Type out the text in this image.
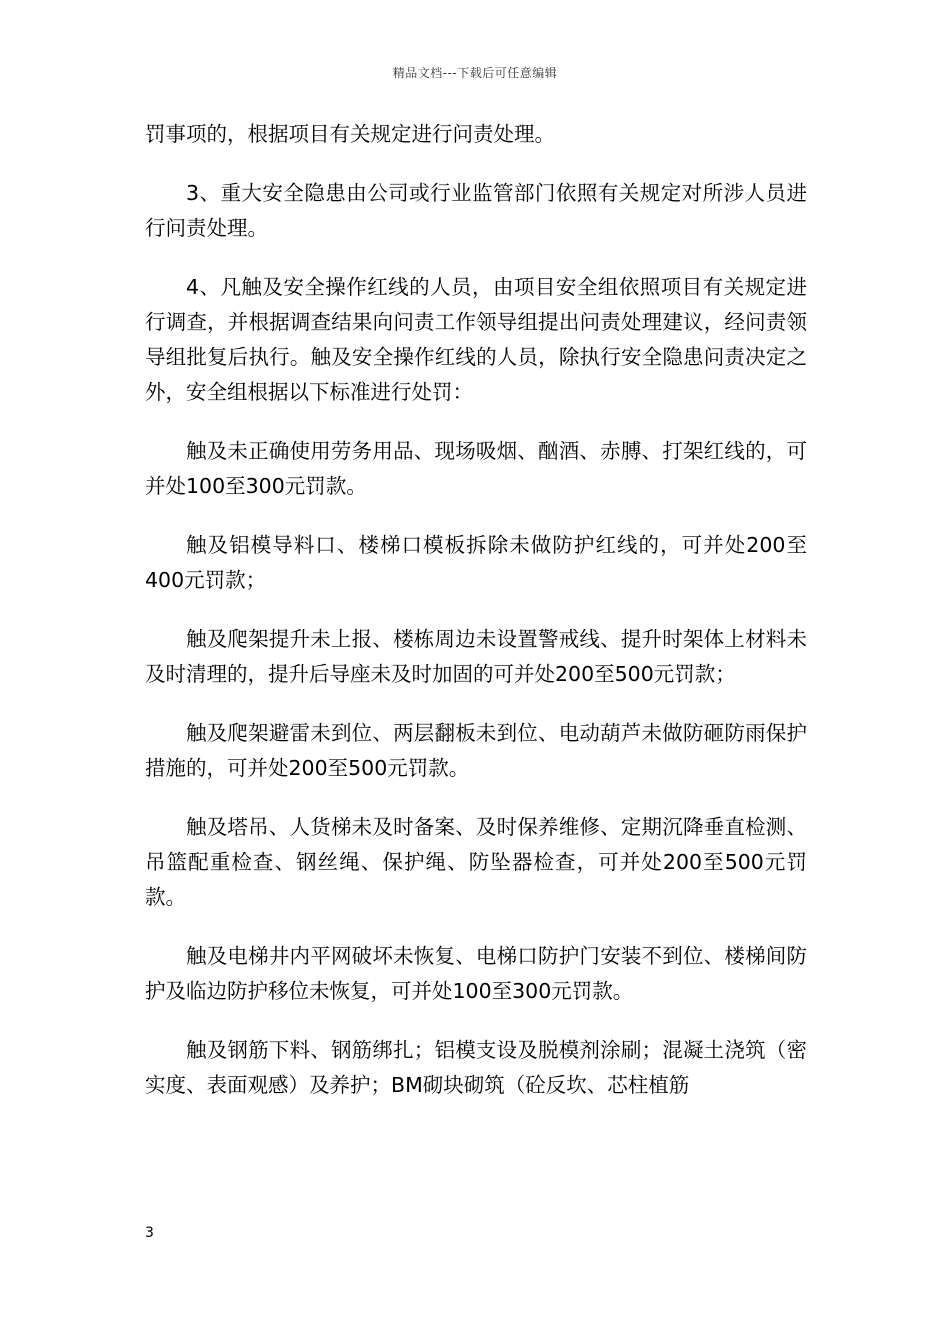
精品文档---下载后可任意编辑

罚事项的，根据项目有关规定进行问责处理。

3、重大安全隐患由公司或行业监管部门依照有关规定对所涉人员进行问责处理。

4、凡触及安全操作红线的人员，由项目安全组依照项目有关规定进行调查，并根据调查结果向问责工作领导组提出问责处理建议，经问责领导组批复后执行。触及安全操作红线的人员，除执行安全隐患问责决定之外，安全组根据以下标准进行处罚：

触及未正确使用劳务用品、现场吸烟、酗酒、赤膊、打架红线的，可并处100至300元罚款。

触及铝模导料口、楼梯口模板拆除未做防护红线的，可并处200至400元罚款；

触及爬架提升未上报、楼栋周边未设置警戒线、提升时架体上材料未及时清理的，提升后导座未及时加固的可并处200至500元罚款；

触及爬架避雷未到位、两层翻板未到位、电动葫芦未做防砸防雨保护措施的，可并处200至500元罚款。

触及塔吊、人货梯未及时备案、及时保养维修、定期沉降垂直检测、吊篮配重检查、钢丝绳、保护绳、防坠器检查，可并处200至500元罚款。

触及电梯井内平网破坏未恢复、电梯口防护门安装不到位、楼梯间防护及临边防护移位未恢复，可并处100至300元罚款。

触及钢筋下料、钢筋绑扎；铝模支设及脱模剂涂刷；混凝土浇筑（密实度、表面观感）及养护；BM砌块砌筑（砼反坎、芯柱植筋

3
